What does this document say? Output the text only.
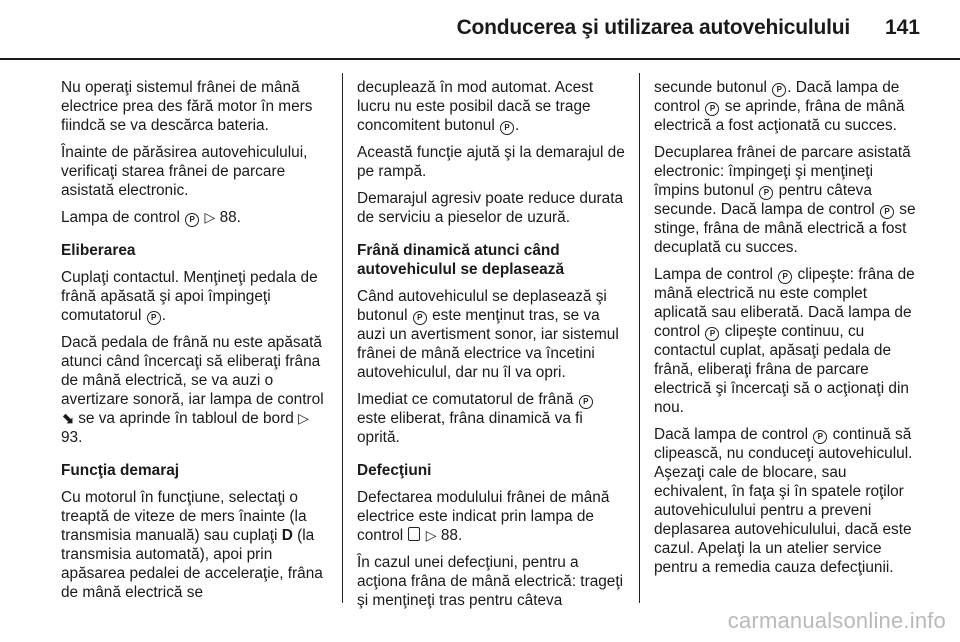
Conducerea şi utilizarea autovehiculului 141

Nu operaţi sistemul frânei de mână electrice prea des fără motor în mers fiindcă se va descărca bateria.

Înainte de părăsirea autovehiculului, verificaţi starea frânei de parcare asistată electronic.

Lampa de control P ▷ 88.

Eliberarea

Cuplaţi contactul. Menţineţi pedala de frână apăsată şi apoi împingeţi comutatorul P .

Dacă pedala de frână nu este apăsată atunci când încercaţi să eliberaţi frâna de mână electrică, se va auzi o avertizare sonoră, iar lampa de control ⬊ se va aprinde în tabloul de bord ▷ 93.

Funcţia demaraj

Cu motorul în funcţiune, selectaţi o treaptă de viteze de mers înainte (la transmisia manuală) sau cuplaţi D (la transmisia automată), apoi prin apăsarea pedalei de acceleraţie, frâna de mână electrică se

decuplează în mod automat. Acest lucru nu este posibil dacă se trage concomitent butonul P .

Această funcţie ajută şi la demarajul de pe rampă.

Demarajul agresiv poate reduce durata de serviciu a pieselor de uzură.

Frână dinamică atunci când autovehiculul se deplasează

Când autovehiculul se deplasează şi butonul P este menţinut tras, se va auzi un avertisment sonor, iar sistemul frânei de mână electrice va încetini autovehiculul, dar nu îl va opri.

Imediat ce comutatorul de frână P este eliberat, frâna dinamică va fi oprită.

Defecţiuni

Defectarea modulului frânei de mână electrice este indicat prin lampa de control ▷ 88.

În cazul unei defecţiuni, pentru a acţiona frâna de mână electrică: trageţi şi menţineţi tras pentru câteva

secunde butonul P . Dacă lampa de control P se aprinde, frâna de mână electrică a fost acţionată cu succes.

Decuplarea frânei de parcare asistată electronic: împingeţi şi menţineţi împins butonul P pentru câteva secunde. Dacă lampa de control P se stinge, frâna de mână electrică a fost decuplată cu succes.

Lampa de control P clipeşte: frâna de mână electrică nu este complet aplicată sau eliberată. Dacă lampa de control P clipeşte continuu, cu contactul cuplat, apăsaţi pedala de frână, eliberaţi frâna de parcare electrică şi încercaţi să o acţionaţi din nou.

Dacă lampa de control P continuă să clipească, nu conduceţi autovehiculul. Aşezaţi cale de blocare, sau echivalent, în faţa şi în spatele roţilor autovehiculului pentru a preveni deplasarea autovehiculului, dacă este cazul. Apelaţi la un atelier service pentru a remedia cauza defecţiunii.

carmanualsonline.info
